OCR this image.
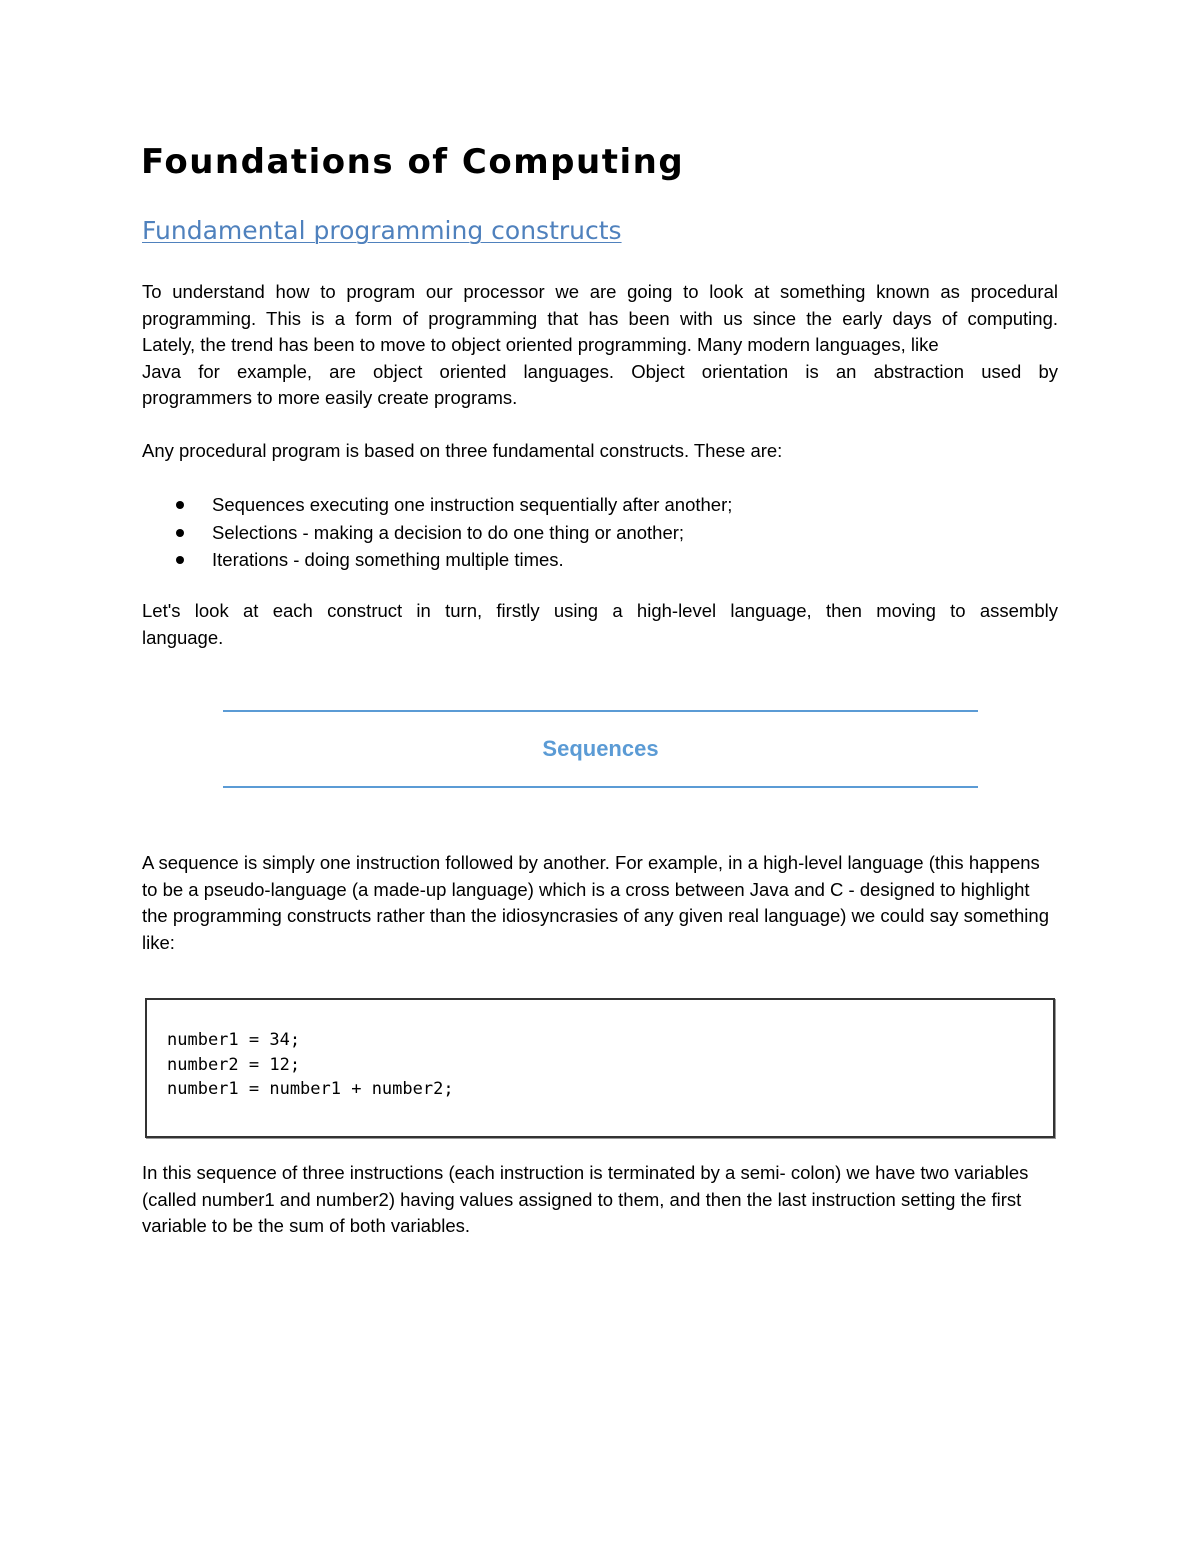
Foundations of Computing
Fundamental programming constructs

To understand how to program our processor we are going to look at something known as procedural
programming. This is a form of programming that has been with us since the early days of computing.
Lately, the trend has been to move to object oriented programming. Many modern languages, like
Java for example, are object oriented languages. Object orientation is an abstraction used by
programmers to more easily create programs.

Any procedural program is based on three fundamental constructs. These are:

Sequences executing one instruction sequentially after another;
Selections - making a decision to do one thing or another;
Iterations - doing something multiple times.

Let's look at each construct in turn, firstly using a high-level language, then moving to assembly
language.

Sequences

A sequence is simply one instruction followed by another. For example, in a high-level language (this happens to be a pseudo-language (a made-up language) which is a cross between Java and C - designed to highlight the programming constructs rather than the idiosyncrasies of any given real language) we could say something like:

number1 = 34;
number2 = 12;
number1 = number1 + number2;

In this sequence of three instructions (each instruction is terminated by a semi- colon) we have two variables (called number1 and number2) having values assigned to them, and then the last instruction setting the first variable to be the sum of both variables.
